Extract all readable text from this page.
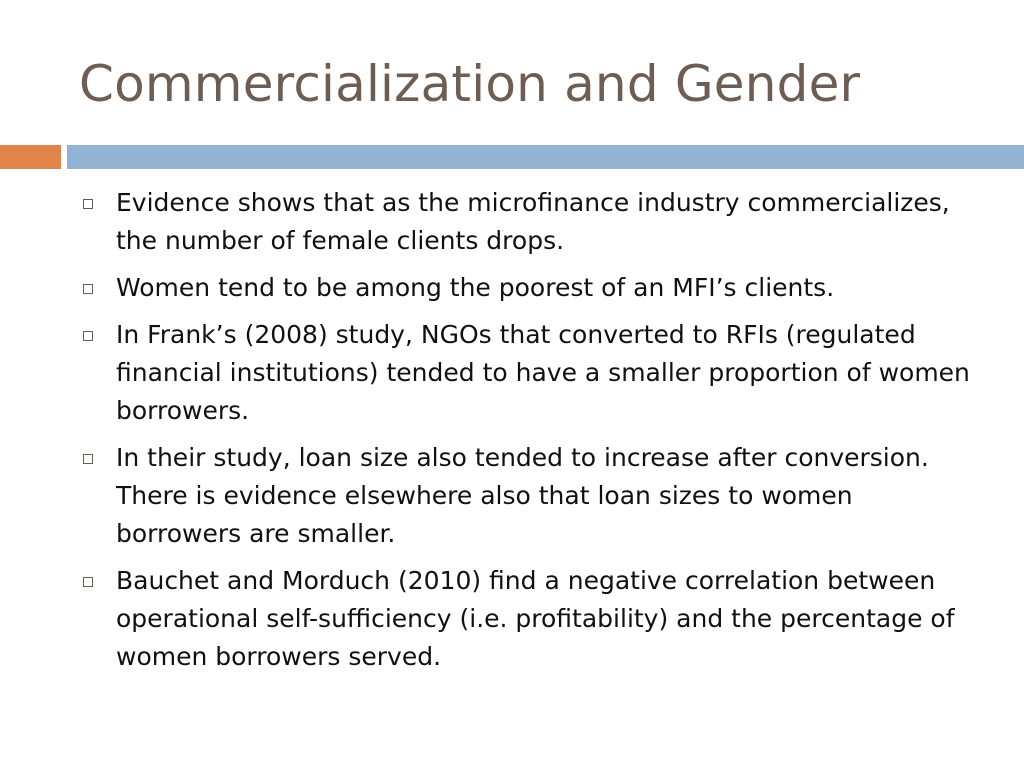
Commercialization and Gender
Evidence shows that as the microfinance industry commercializes, the number of female clients drops.
Women tend to be among the poorest of an MFI’s clients.
In Frank’s (2008) study, NGOs that converted to RFIs (regulated financial institutions) tended to have a smaller proportion of women borrowers.
In their study, loan size also tended to increase after conversion. There is evidence elsewhere also that loan sizes to women borrowers are smaller.
Bauchet and Morduch (2010) find a negative correlation between operational self-sufficiency (i.e. profitability) and the percentage of women borrowers served.
